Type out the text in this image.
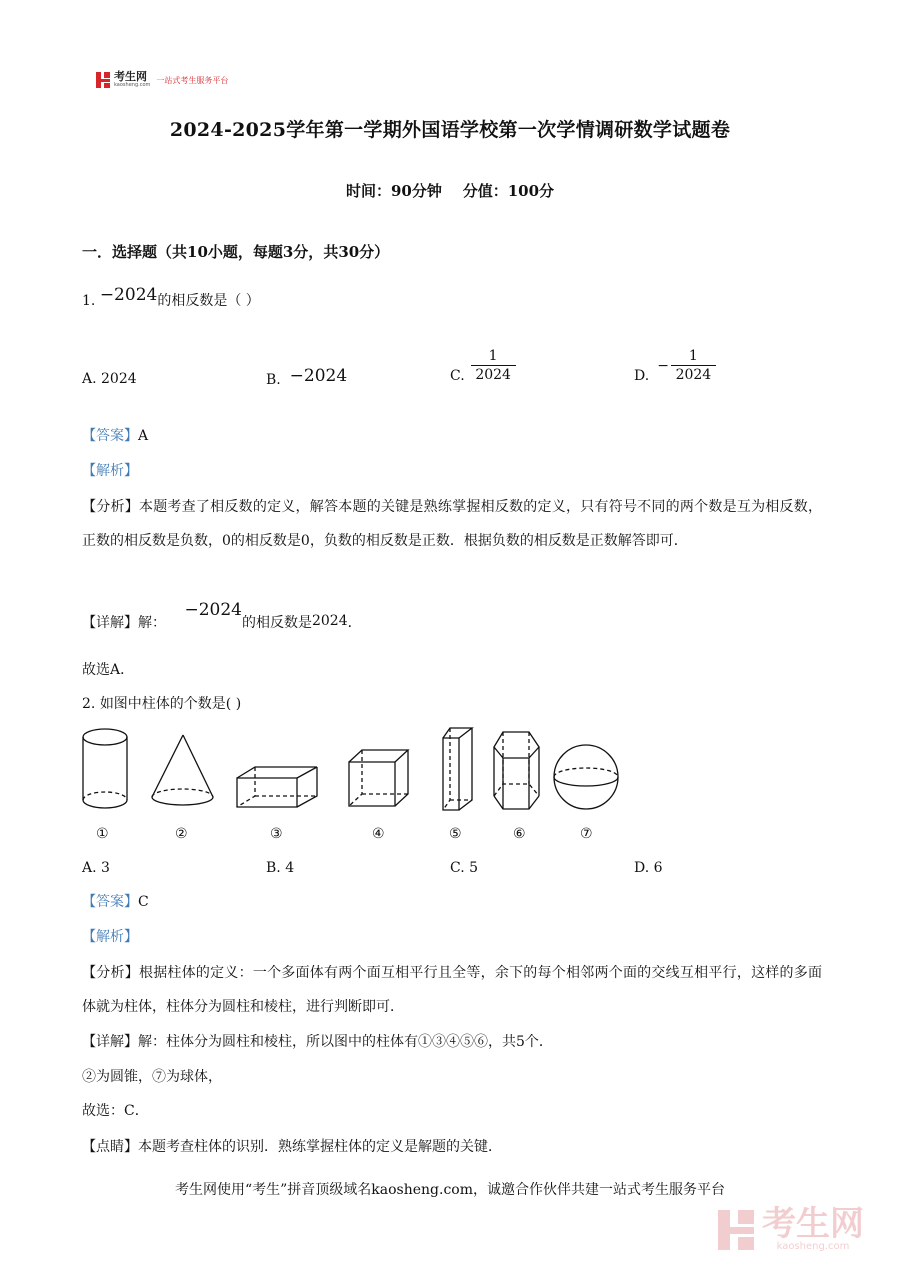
考生网
kaosheng.com
一站式考生服务平台
2024-2025学年第一学期外国语学校第一次学情调研数学试题卷
时间：90分钟    分值：100分
一．选择题（共10小题，每题3分，共30分）
1. −2024的相反数是（ ）
A. 2024	B. −2024	C. $\frac{1}{2024}$	D.
− $\frac{1}{2024}$
【答案】A
【解析】
【分析】本题考查了相反数的定义，解答本题的关键是熟练掌握相反数的定义，只有符号不同的两个数是互为相反数，正数的相反数是负数，0的相反数是0，负数的相反数是正数．根据负数的相反数是正数解答即可．
【详解】解： −2024的相反数是2024．
故选A．
2. 如图中柱体的个数是( )
①	②	③	④	⑤	⑥	⑦
A. 3	B. 4	C. 5	D. 6
【答案】C
【解析】
【分析】根据柱体的定义：一个多面体有两个面互相平行且全等，余下的每个相邻两个面的交线互相平行，这样的多面体就为柱体，柱体分为圆柱和棱柱，进行判断即可．
【详解】解：柱体分为圆柱和棱柱，所以图中的柱体有①③④⑤⑥，共5个．
②为圆锥，⑦为球体，
故选：C．
【点睛】本题考查柱体的识别．熟练掌握柱体的定义是解题的关键．
考生网使用“考生”拼音顶级域名kaosheng.com，诚邀合作伙伴共建一站式考生服务平台
考生网
kaosheng.com
